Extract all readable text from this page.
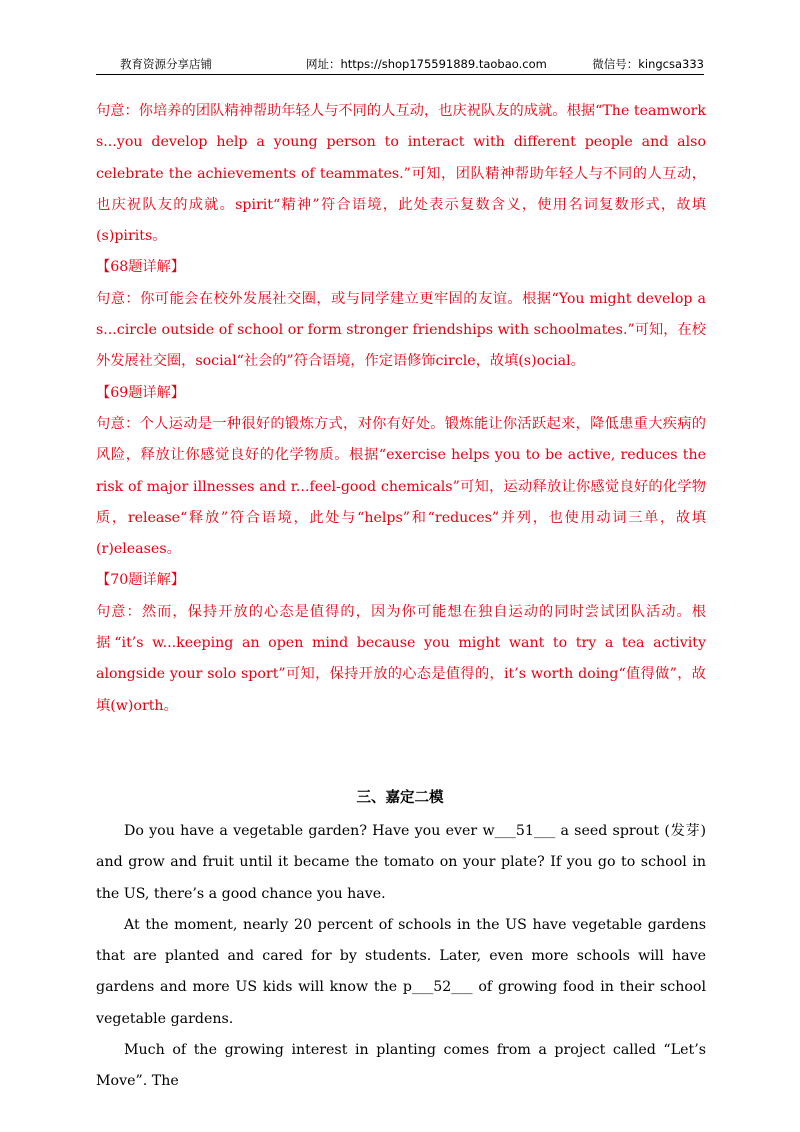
教育资源分享店铺	网址：https://shop175591889.taobao.com	微信号：kingcsa333

句意：你培养的团队精神帮助年轻人与不同的人互动，也庆祝队友的成就。根据“The teamwork s...you develop help a young person to interact with different people and also celebrate the achievements of teammates.”可知，团队精神帮助年轻人与不同的人互动，也庆祝队友的成就。spirit“精神”符合语境，此处表示复数含义，使用名词复数形式，故填(s)pirits。

【68题详解】

句意：你可能会在校外发展社交圈，或与同学建立更牢固的友谊。根据“You might develop a s...circle outside of school or form stronger friendships with schoolmates.”可知，在校外发展社交圈，social“社会的”符合语境，作定语修饰circle，故填(s)ocial。

【69题详解】

句意：个人运动是一种很好的锻炼方式，对你有好处。锻炼能让你活跃起来，降低患重大疾病的风险，释放让你感觉良好的化学物质。根据“exercise helps you to be active, reduces the risk of major illnesses and r...feel-good chemicals”可知，运动释放让你感觉良好的化学物质，release“释放”符合语境，此处与“helps”和“reduces”并列，也使用动词三单，故填(r)eleases。

【70题详解】

句意：然而，保持开放的心态是值得的，因为你可能想在独自运动的同时尝试团队活动。根据“it’s w...keeping an open mind because you might want to try a tea activity alongside your solo sport”可知，保持开放的心态是值得的，it’s worth doing“值得做”，故填(w)orth。

三、嘉定二模

Do you have a vegetable garden? Have you ever w___51___ a seed sprout (发芽) and grow and fruit until it became the tomato on your plate? If you go to school in the US, there’s a good chance you have.

At the moment, nearly 20 percent of schools in the US have vegetable gardens that are planted and cared for by students. Later, even more schools will have gardens and more US kids will know the p___52___ of growing food in their school vegetable gardens.

Much of the growing interest in planting comes from a project called “Let’s Move”. The
